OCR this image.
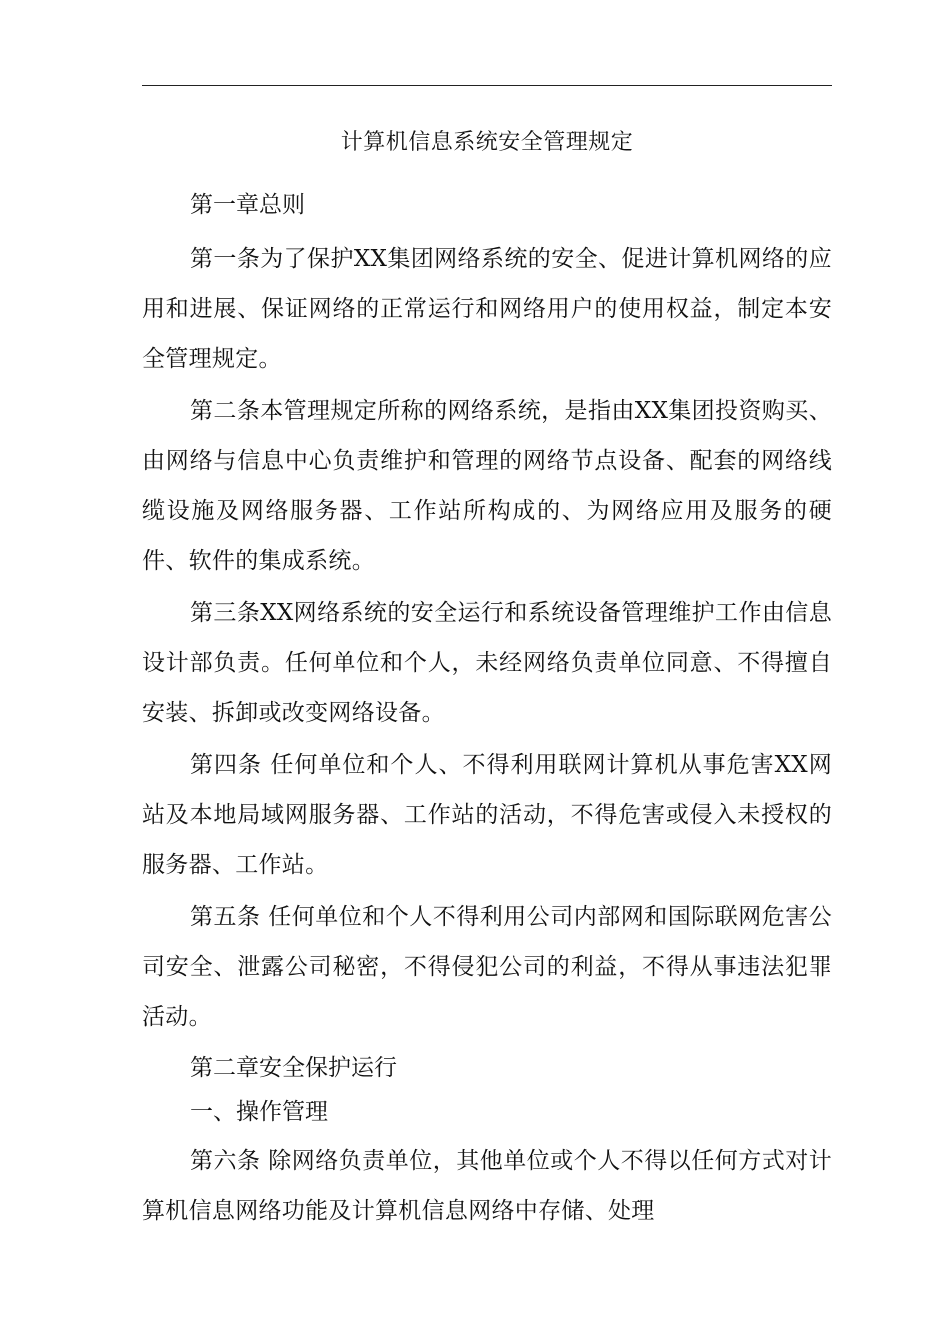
计算机信息系统安全管理规定

第一章总则

第一条为了保护XX集团网络系统的安全、促进计算机网络的应用和进展、保证网络的正常运行和网络用户的使用权益，制定本安全管理规定。

第二条本管理规定所称的网络系统，是指由XX集团投资购买、由网络与信息中心负责维护和管理的网络节点设备、配套的网络线缆设施及网络服务器、工作站所构成的、为网络应用及服务的硬件、软件的集成系统。

第三条XX网络系统的安全运行和系统设备管理维护工作由信息设计部负责。任何单位和个人，未经网络负责单位同意、不得擅自安装、拆卸或改变网络设备。

第四条 任何单位和个人、不得利用联网计算机从事危害XX网站及本地局域网服务器、工作站的活动，不得危害或侵入未授权的服务器、工作站。

第五条 任何单位和个人不得利用公司内部网和国际联网危害公司安全、泄露公司秘密，不得侵犯公司的利益，不得从事违法犯罪活动。

第二章安全保护运行

一、操作管理

第六条 除网络负责单位，其他单位或个人不得以任何方式对计算机信息网络功能及计算机信息网络中存储、处理
